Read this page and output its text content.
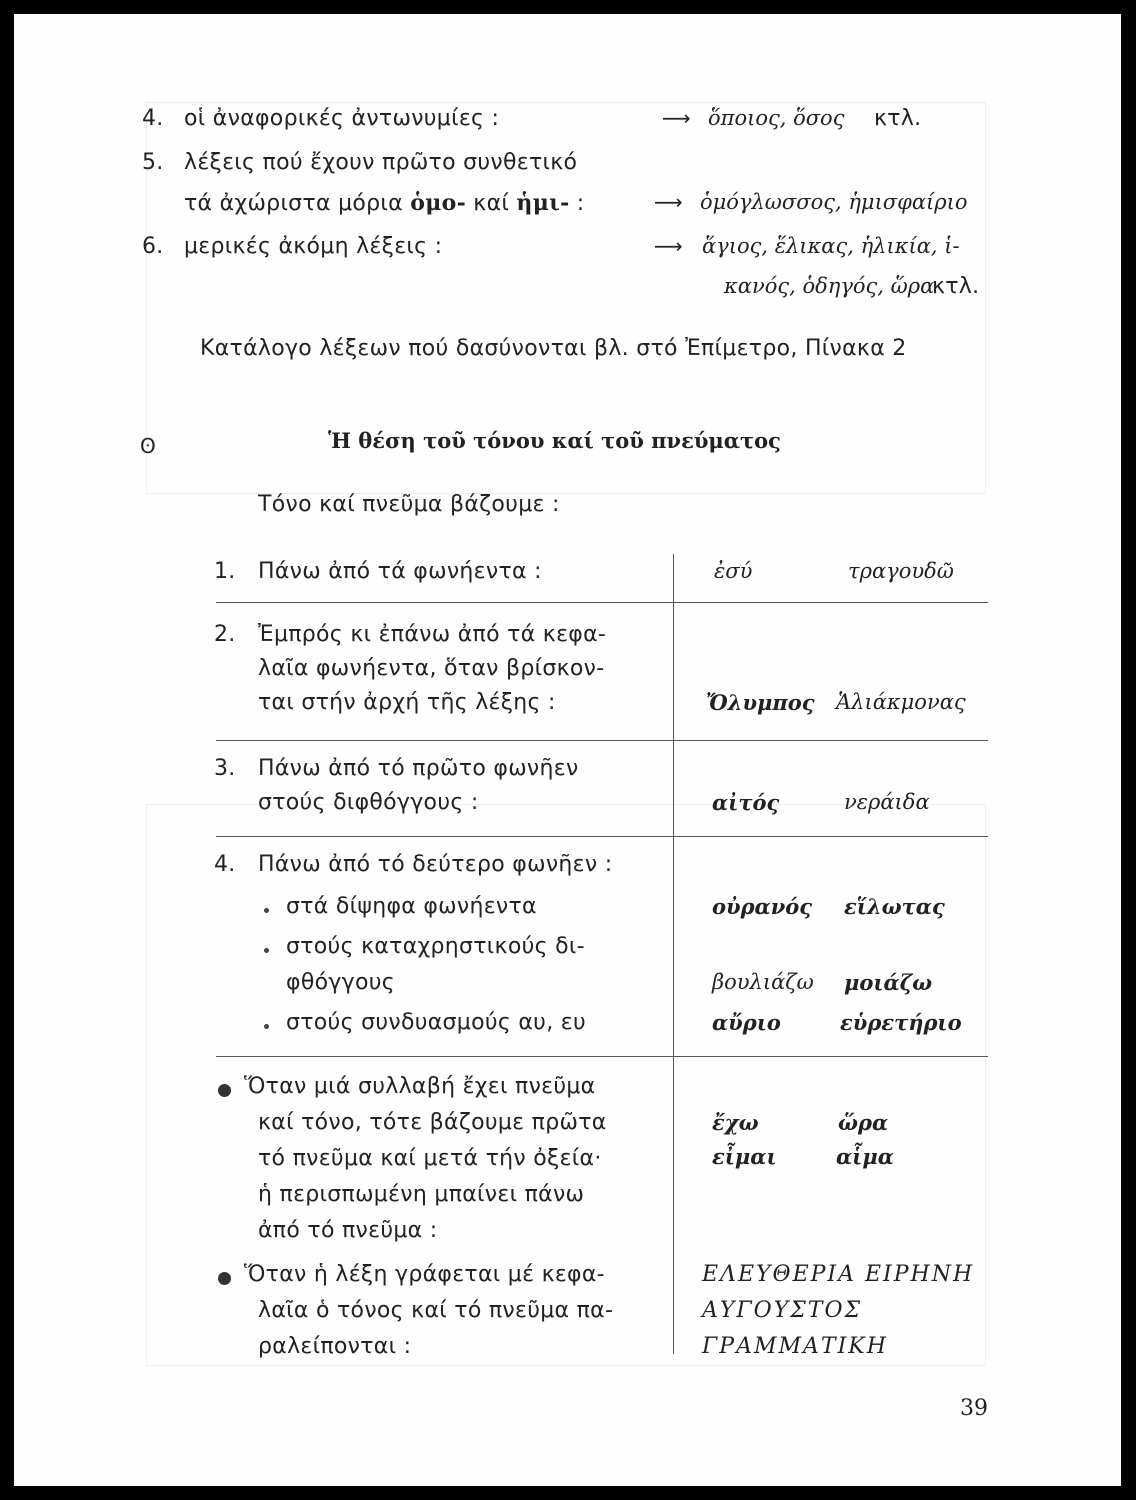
4. οἱ ἀναφορικές ἀντωνυμίες :	⟶ ὅποιος, ὅσος κτλ.
5. λέξεις πού ἔχουν πρῶτο συνθετικό
τά ἀχώριστα μόρια ὁμο- καί ἡμι- :	⟶ ὁμόγλωσσος, ἡμισφαίριο
6. μερικές ἀκόμη λέξεις :	⟶ ἅγιος, ἕλικας, ἡλικία, ἱ-
κανός, ὁδηγός, ὥρα
κτλ.
Κατάλογο λέξεων πού δασύνονται βλ. στό Ἐπίμετρο, Πίνακα 2
ʘ	Ἡ θέση τοῦ τόνου καί τοῦ πνεύματος
Τόνο καί πνεῦμα βάζουμε :
1. Πάνω ἀπό τά φωνήεντα :	ἐσύ	τραγουδῶ
2. Ἐμπρός κι ἐπάνω ἀπό τά κεφα-
λαῖα φωνήεντα, ὅταν βρίσκον-
ται στήν ἀρχή τῆς λέξης :	Ὄλυμπος Ἁλιάκμονας
3. Πάνω ἀπό τό πρῶτο φωνῆεν
στούς διφθόγγους :	αἰτός	νεράιδα
4. Πάνω ἀπό τό δεύτερο φωνῆεν :
στά δίψηφα φωνήεντα	οὐρανός εἵλωτας
στούς καταχρηστικούς δι-
φθόγγους	βουλιάζω μοιάζω
στούς συνδυασμούς αυ, ευ	αὔριο	εὑρετήριο
Ὅταν μιά συλλαβή ἔχει πνεῦμα
καί τόνο, τότε βάζουμε πρῶτα
τό πνεῦμα καί μετά τήν ὀξεία·
ἡ περισπωμένη μπαίνει πάνω
ἀπό τό πνεῦμα :
ἔχω	ὥρα
εἶμαι	αἷμα
Ὅταν ἡ λέξη γράφεται μέ κεφα-
λαῖα ὁ τόνος καί τό πνεῦμα πα-
ραλείπονται :
ΕΛΕΥΘΕΡΙΑ ΕΙΡΗΝΗ
ΑΥΓΟΥΣΤΟΣ
ΓΡΑΜΜΑΤΙΚΗ
39
